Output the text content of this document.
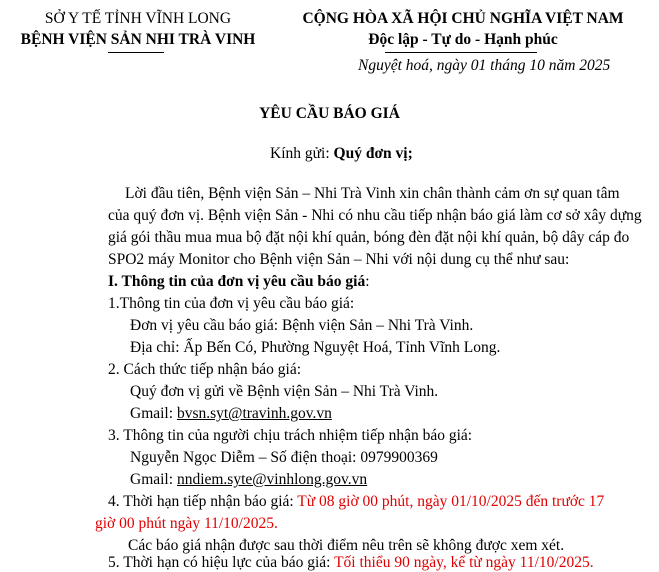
SỞ Y TẾ TỈNH VĨNH LONG
BỆNH VIỆN SẢN NHI TRÀ VINH
CỘNG HÒA XÃ HỘI CHỦ NGHĨA VIỆT NAM
Độc lập - Tự do - Hạnh phúc
Nguyệt hoá, ngày 01 tháng 10 năm 2025
YÊU CẦU BÁO GIÁ
Kính gửi: Quý đơn vị;
Lời đầu tiên, Bệnh viện Sản – Nhi Trà Vinh xin chân thành cảm ơn sự quan tâm
của quý đơn vị. Bệnh viện Sản - Nhi có nhu cầu tiếp nhận báo giá làm cơ sở xây dựng
giá gói thầu mua mua bộ đặt nội khí quản, bóng đèn đặt nội khí quản, bộ dây cáp đo
SPO2 máy Monitor cho Bệnh viện Sản – Nhi với nội dung cụ thể như sau:
I. Thông tin của đơn vị yêu cầu báo giá:
1.Thông tin của đơn vị yêu cầu báo giá:
Đơn vị yêu cầu báo giá: Bệnh viện Sản – Nhi Trà Vinh.
Địa chỉ: Ấp Bến Có, Phường Nguyệt Hoá, Tỉnh Vĩnh Long.
2. Cách thức tiếp nhận báo giá:
Quý đơn vị gửi về Bệnh viện Sản – Nhi Trà Vinh.
Gmail: bvsn.syt@travinh.gov.vn
3. Thông tin của người chịu trách nhiệm tiếp nhận báo giá:
Nguyễn Ngọc Diễm – Số điện thoại: 0979900369
Gmail: nndiem.syte@vinhlong.gov.vn
4. Thời hạn tiếp nhận báo giá: Từ 08 giờ 00 phút, ngày 01/10/2025 đến trước 17
giờ 00 phút ngày 11/10/2025.
Các báo giá nhận được sau thời điểm nêu trên sẽ không được xem xét.
5. Thời hạn có hiệu lực của báo giá: Tối thiểu 90 ngày, kể từ ngày 11/10/2025.
